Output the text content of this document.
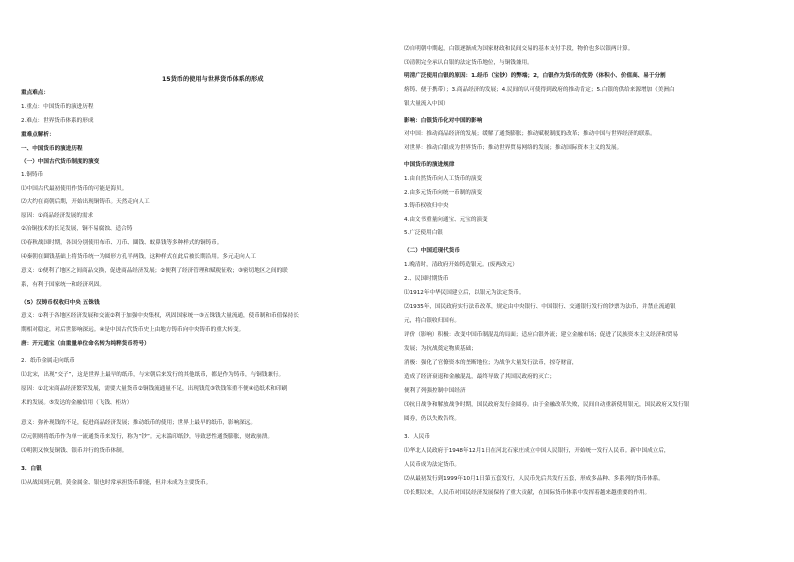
15货币的使用与世界货币体系的形成
重点难点：
1.重点：中国货币的演进历程
2.难点：世界货币体系的形成
重难点解析：
一、中国货币的演进历程
（一）中国古代货币制度的演变
1.铜铸币
⑴中国古代最初使用作货币的可能是海贝。
⑵大约在商朝后期，开始出现铜铸币。天然走向人工
原因：①商品经济发展的需求
②冶铜技术的长足发展，铜不易腐蚀、适合铸
⑶春秋战国时期，各国分别使用布币、刀币、圜钱、蚁鼻钱等多种样式的铜铸币。
⑷秦朝在圜钱基础上将货币统一为圆形方孔半两钱，这种样式在此后被长期沿用。多元走向人工
意义：①便利了地区之间商品交换，促进商品经济发展；②便利了经济管理和赋税征收；③密切地区之间的联
系，有利于国家统一和经济巩固。
（5）汉铸币权收归中央 五铢钱
意义：①利于各地区经济发展和交流②利于加强中央集权，巩固国家统一③五铢钱大量流通，使币制和币值保持长
期相对稳定，对后世影响深远。④是中国古代货币史上由地方铸币向中央铸币的重大转变。
唐：开元通宝（由重量单位命名转为纯粹货币符号）
2．纸币金属走向纸币
⑴北宋，出现“交子”，这是世界上最早的纸币，与宋朝后来发行的其他纸币，都是作为铸币，与铜钱兼行。
原因：①北宋商品经济繁荣发展，需要大量货币②铜钱流通量不足，出现钱荒③铁钱笨重不便④造纸术和印刷
术的发展。⑤发达的金融信用（飞钱、柜坊）
意义：弥补现钱的不足，促进商品经济发展；推动纸币的使用；世界上最早的纸币，影响深远。
⑵元朝则将纸币作为单一流通货币来发行，称为“钞”。元末滥印纸钞，导致恶性通货膨胀，财政崩溃。
⑶明朝又恢复铜钱、银币并行的货币体制。
3．白银
⑴从战国到元朝，黄金属金、银也时常承担货币职能，但并未成为主要货币。
⑵自明朝中期起，白银逐渐成为国家财政和民间交易的基本支付手段，物价也多以银两计算。
⑶清朝完全承认白银的法定货币地位，与铜钱兼用。
明清广泛使用白银的原因：1.经币（宝钞）的弊端；2，白银作为货币的优势（体积小、价值高、易于分割
熔铸、便于携带）；3.商品经济的发展；4.民间的认可使得到政府的推动肯定；5.白银的供给来源增加（美洲白
银大量流入中国）
影响：白银货币化对中国的影响
对中国：推动商品经济的发展；缓解了通货膨胀；推动赋税制度的改革；推动中国与世界经济的联系。
对世界：推动白银成为世界货币；推动世界贸易网络的发展；推动国际资本主义的发展。
中国货币的演进规律
1.由自然货币向人工货币的演变
2.由多元货币向统一币制的演变
3.铸币权收归中央
4.由文书重量向通宝、元宝的演变
5.广泛使用白银
（二）中国近现代货币
1.晚清时，清政府开始铸造银元。(废两改元）
2.、民国时期货币
⑴1912年中华民国建立后，以银元为法定货币。
⑵1935年，国民政府实行法币改革，规定由中央银行、中国银行、交通银行发行的钞票为法币，并禁止流通银
元，将白银收归国有。
评价（影响）积极：改变中国币制混乱的局面；适应白银外流；建立金融市场；促进了民族资本主义经济和贸易
发展；为抗战奠定物质基础；
消极：强化了官僚资本的垄断地位；为战争大量发行法币，掠夺财富，
造成了经济衰退和金融混乱，最终导致了其国民政府的灭亡；
便利了列强控制中国经济
⑶抗日战争和解放战争时期，国民政府发行金圆券。由于金融改革失败，民间自动重新使用银元，国民政府又发行银
圆券，仍以失败告终。
3．人民币
⑴华北人民政府于1948年12月1日在河北石家庄成立中国人民银行，开始统一发行人民币。新中国成立后，
人民币成为法定货币。
⑵从最初发行到1999年10月1日第五套发行，人民币先后共发行五套，形成多品种、多系列的货币体系。
⑶长期以来，人民币对国民经济发展保持了重大贡献，在国际货币体系中发挥着越来越重要的作用。
